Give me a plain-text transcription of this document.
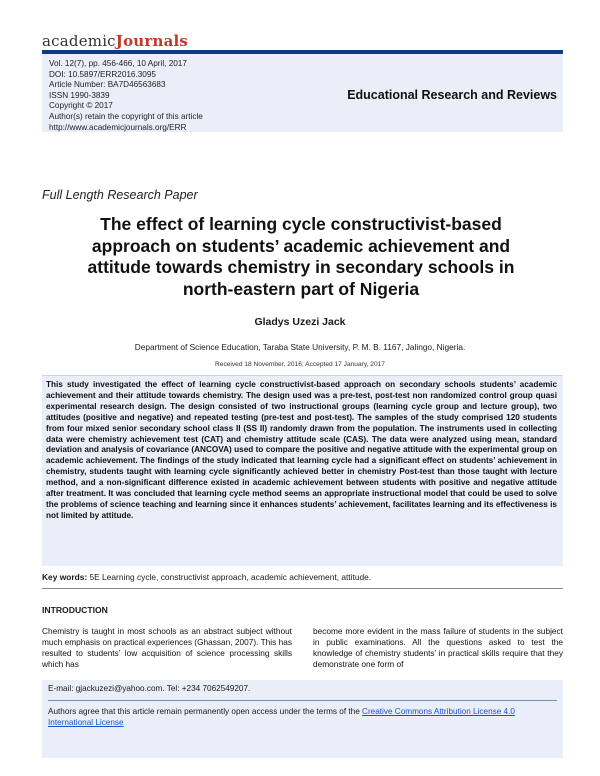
academicJournals
Vol. 12(7), pp. 456-466, 10 April, 2017
DOI: 10.5897/ERR2016.3095
Article Number: BA7D46563683
ISSN 1990-3839
Copyright © 2017
Author(s) retain the copyright of this article
http://www.academicjournals.org/ERR
Educational Research and Reviews
Full Length Research Paper
The effect of learning cycle constructivist-based approach on students’ academic achievement and attitude towards chemistry in secondary schools in north-eastern part of Nigeria
Gladys Uzezi Jack
Department of Science Education, Taraba State University, P. M. B. 1167, Jalingo, Nigeria.
Received 18 November, 2016; Accepted 17 January, 2017

This study investigated the effect of learning cycle constructivist-based approach on secondary schools students’ academic achievement and their attitude towards chemistry. The design used was a pre-test, post-test non randomized control group quasi experimental research design. The design consisted of two instructional groups (learning cycle group and lecture group), two attitudes (positive and negative) and repeated testing (pre-test and post-test). The samples of the study comprised 120 students from four mixed senior secondary school class II (SS II) randomly drawn from the population. The instruments used in collecting data were chemistry achievement test (CAT) and chemistry attitude scale (CAS). The data were analyzed using mean, standard deviation and analysis of covariance (ANCOVA) used to compare the positive and negative attitude with the experimental group on academic achievement. The findings of the study indicated that learning cycle had a significant effect on students’ achievement in chemistry, students taught with learning cycle significantly achieved better in chemistry Post-test than those taught with lecture method, and a non-significant difference existed in academic achievement between students with positive and negative attitude after treatment. It was concluded that learning cycle method seems an appropriate instructional model that could be used to solve the problems of science teaching and learning since it enhances students’ achievement, facilitates learning and its effectiveness is not limited by attitude.

Key words: 5E Learning cycle, constructivist approach, academic achievement, attitude.
INTRODUCTION
Chemistry is taught in most schools as an abstract subject without much emphasis on practical experiences (Ghassan, 2007). This has resulted to students’ low acquisition of science processing skills which has
become more evident in the mass failure of students in the subject in public examinations. All the questions asked to test the knowledge of chemistry students’ in practical skills require that they demonstrate one form of
E-mail: gjackuzezi@yahoo.com. Tel: +234 7062549207.
Authors agree that this article remain permanently open access under the terms of the Creative Commons Attribution License 4.0 International License
